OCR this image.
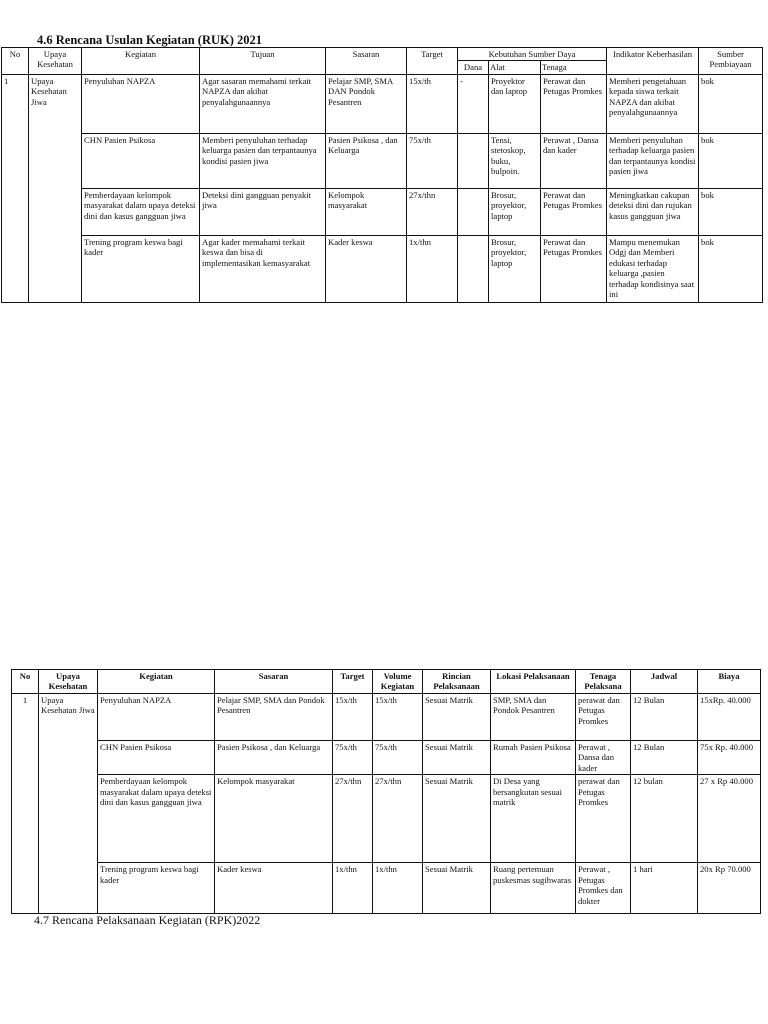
4.6 Rencana Usulan Kegiatan (RUK) 2021
No	Upaya Kesehatan	Kegiatan	Tujuan	Sasaran	Target	Kebutuhan Sumber Daya			Indikator Keberhasilan	Sumber Pembiayaan
						Dana	Alat	Tenaga		
1	Upaya Kesehatan Jiwa	Penyuluhan NAPZA	Agar sasaran memahami terkait NAPZA dan akibat penyalahgunaannya	Pelajar SMP, SMA DAN Pondok Pesantren	15x/th	-	Proyektor dan laptop	Perawat dan Petugas Promkes	Memberi pengetahuan kepada siswa terkait NAPZA dan akibat penyalahgunaannya	bok
		CHN Pasien Psikosa	Memberi penyuluhan terhadap keluarga pasien dan terpantaunya kondisi pasien jiwa	Pasien Psikosa , dan Keluarga	75x/th		Tensi, stetoskop, buku, bulpoin.	Perawat , Dansa dan kader	Memberi penyuluhan terhadap keluarga pasien dan terpantaunya kondisi pasien jiwa	bok
		Pemberdayaan kelompok masyarakat dalam upaya deteksi dini dan kasus gangguan jiwa	Deteksi dini gangguan penyakit jiwa	Kelompok masyarakat	27x/thn		Brosur, proyektor, laptop	Perawat dan Petugas Promkes	Meningkatkan cakupan deteksi dini dan rujukan kasus gangguan jiwa	bok
		Trening program keswa bagi kader	Agar kader memahami terkait keswa dan bisa di implementasikan kemasyarakat	Kader keswa	1x/thn		Brosur, proyektor, laptop	Perawat dan Petugas Promkes	Mampu menemukan Odgj dan Memberi edukasi terhadap keluarga ,pasien terhadap kondisinya saat ini	bok
No	Upaya Kesehatan	Kegiatan	Sasaran	Target	Volume Kegiatan	Rincian Pelaksanaan	Lokasi Pelaksanaan	Tenaga Pelaksana	Jadwal	Biaya
1	Upaya Kesehatan Jiwa	Penyuluhan NAPZA	Pelajar SMP, SMA dan Pondok Pesantren	15x/th	15x/th	Sesuai Matrik	SMP, SMA dan Pondok Pesantren	perawat dan Petugas Promkes	12 Bulan	15xRp. 40.000
		CHN Pasien Psikosa	Pasien Psikosa , dan Keluarga	75x/th	75x/th	Sesuai Matrik	Rumah Pasien Psikosa	Perawat , Dansa dan kader	12 Bulan	75x Rp. 40.000
		Pemberdayaan kelompok masyarakat dalam upaya deteksi dini dan kasus gangguan jiwa	Kelompok masyarakat	27x/thn	27x/thn	Sesuai Matrik	Di Desa yang bersangkutan sesuai matrik	perawat dan Petugas Promkes	12 bulan	27 x Rp 40.000
		Trening program keswa bagi kader	Kader keswa	1x/thn	1x/thn	Sesuai Matrik	Ruang pertemuan puskesmas sugihwaras	Perawat , Petugas Promkes dan dokter	1 hari	20x Rp 70.000
4.7 Rencana Pelaksanaan Kegiatan (RPK)2022
